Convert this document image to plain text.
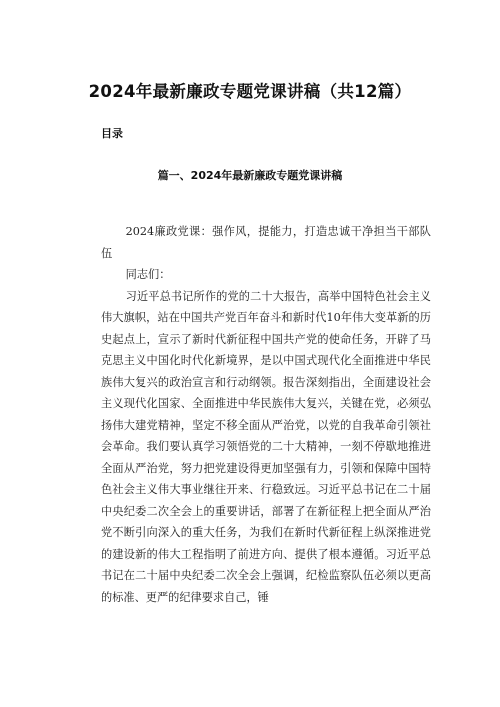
2024年最新廉政专题党课讲稿（共12篇）
目录
篇一、2024年最新廉政专题党课讲稿

2024廉政党课：强作风，提能力，打造忠诚干净担当干部队伍

同志们：

习近平总书记所作的党的二十大报告，高举中国特色社会主义伟大旗帜，站在中国共产党百年奋斗和新时代10年伟大变革新的历史起点上，宣示了新时代新征程中国共产党的使命任务，开辟了马克思主义中国化时代化新境界，是以中国式现代化全面推进中华民族伟大复兴的政治宣言和行动纲领。报告深刻指出，全面建设社会主义现代化国家、全面推进中华民族伟大复兴，关键在党，必须弘扬伟大建党精神，坚定不移全面从严治党，以党的自我革命引领社会革命。我们要认真学习领悟党的二十大精神，一刻不停歇地推进全面从严治党，努力把党建设得更加坚强有力，引领和保障中国特色社会主义伟大事业继往开来、行稳致远。习近平总书记在二十届中央纪委二次全会上的重要讲话，部署了在新征程上把全面从严治党不断引向深入的重大任务，为我们在新时代新征程上纵深推进党的建设新的伟大工程指明了前进方向、提供了根本遵循。习近平总书记在二十届中央纪委二次全会上强调，纪检监察队伍必须以更高的标准、更严的纪律要求自己，锤
